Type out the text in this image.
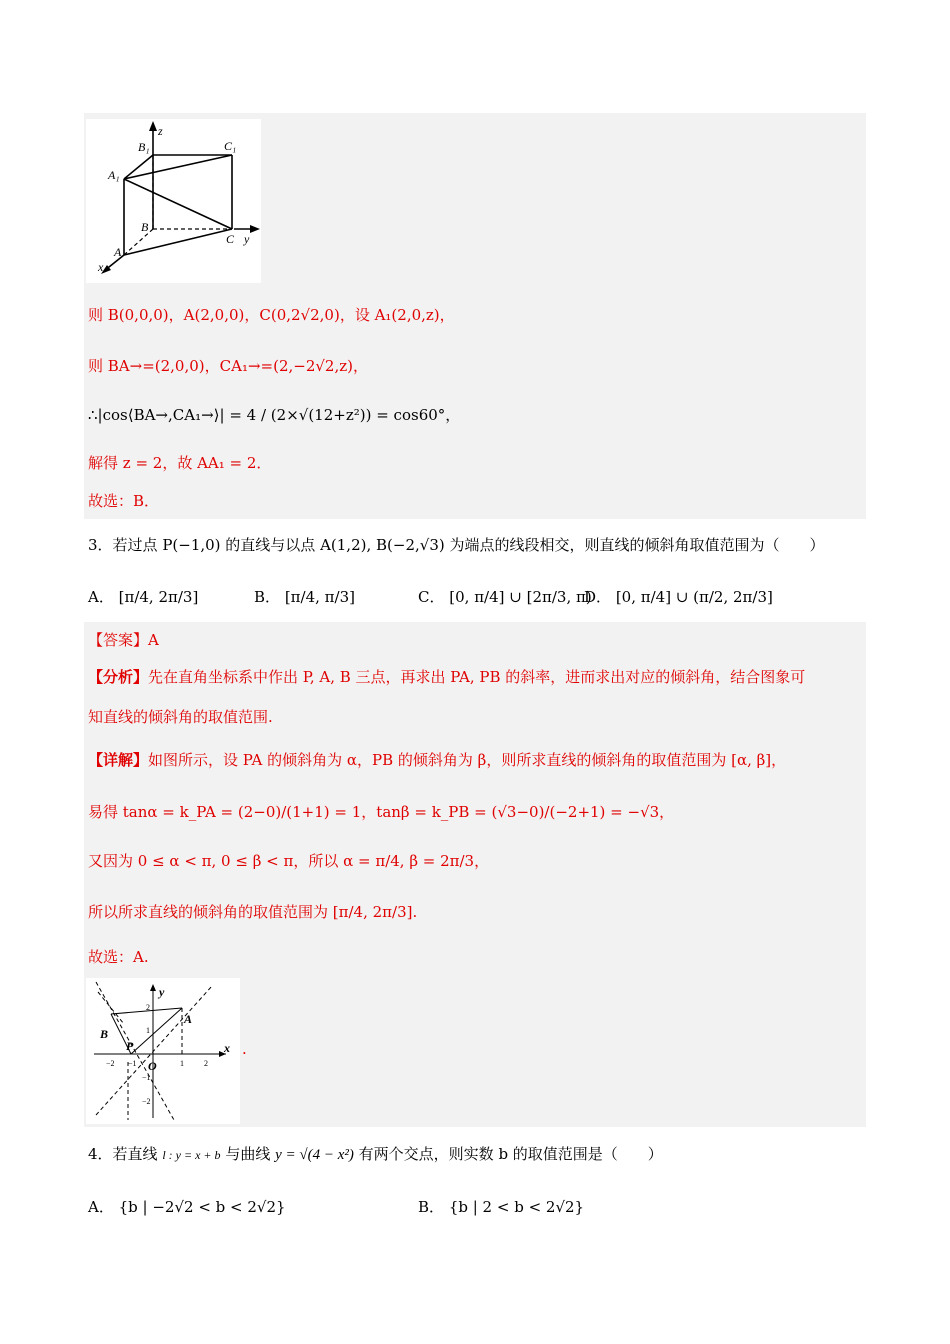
z
B₁	C₁
A₁
B
C y
A
x
则 B(0,0,0)，A(2,0,0)，C(0,2√2,0)，设 A₁(2,0,z)，
则 BA→=(2,0,0)，CA₁→=(2,−2√2,z)，
∴|cos⟨BA→,CA₁→⟩| = 4 / (2×√(12+z²)) = cos60°，
解得 z = 2，故 AA₁ = 2．
故选：B．
3．若过点 P(−1,0) 的直线与以点 A(1,2), B(−2,√3) 为端点的线段相交，则直线的倾斜角取值范围为（　　）
A． [π/4, 2π/3]	B． [π/4, π/3]	C． [0, π/4] ∪ [2π/3, π)
D． [0, π/4] ∪ (π/2, 2π/3]
【答案】A
【分析】先在直角坐标系中作出 P, A, B 三点，再求出 PA, PB 的斜率，进而求出对应的倾斜角，结合图象可
知直线的倾斜角的取值范围.
【详解】如图所示，设 PA 的倾斜角为 α，PB 的倾斜角为 β，则所求直线的倾斜角的取值范围为 [α, β]，
易得 tanα = k_PA = (2−0)/(1+1) = 1，tanβ = k_PB = (√3−0)/(−2+1) = −√3，
又因为 0 ≤ α < π, 0 ≤ β < π，所以 α = π/4, β = 2π/3，
所以所求直线的倾斜角的取值范围为 [π/4, 2π/3].
故选：A.
y
x
B
A
P
O
2
1
−2 −1	1	2
−1
−2
.
4．若直线 l : y = x + b 与曲线 y = √(4 − x²) 有两个交点，则实数 b 的取值范围是（　　）
A． {b | −2√2 < b < 2√2}	B． {b | 2 < b < 2√2}
